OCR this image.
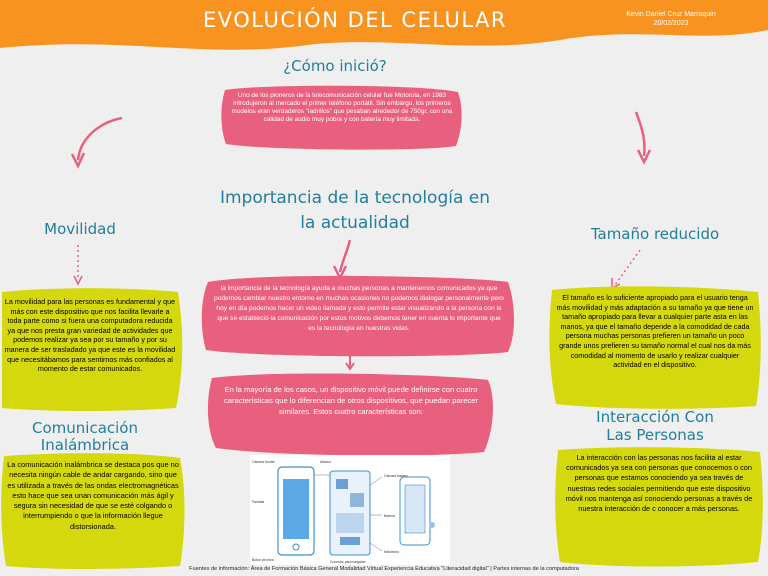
EVOLUCIÓN DEL CELULAR	Kevin Daniel Cruz Marroquin
20/02/2023
¿Cómo inició?
Uno de los pioneros de la telecomunicación celular fue Motorola, en 1983 introdujeron al mercado el primer teléfono portátil. Sin embargo, los primeros modelos eran verdaderos "ladrillos" que pesaban alrededor de 750gr, con una calidad de audio muy pobre y con batería muy limitada.
Importancia de la tecnología en
la actualidad
la importancia de la tecnología ayuda a muchas personas a mantenernos comunicados ya que podemos cambiar nuestro entorno en muchas ocasiones no podemos dialogar personalmente pero hoy en día podemos hacer un video llamada y esto permite estar visualizando a la persona con la que se estableció la comunicación por estos motivos debemos tener en cuenta lo importante que es la tecnología en nuestras vidas.
En la mayoría de los casos, un dispositivo móvil puede definirse con cuatro características que lo diferencian de otros dispositivos, que puedan parecer similares. Estos cuatro características son:
Movilidad
La movilidad para las personas es fundamental y que más con este dispositivo que nos facilita llevarle a toda parte como si fuera una computadora reducida ya que nos presta gran variedad de actividades que podemos realizar ya sea por su tamaño y por su manera de ser trasladado ya que este es la movilidad que necesitábamos para sentirnos más confiados al momento de estar comunicados.
Tamaño reducido
El tamaño es lo suficiente apropiado para el usuario tenga más movilidad y más adaptación a su tamaño ya que tiene un tamaño apropiado para llevar a cualquier parte asta en las manos, ya que el tamaño depende a la comodidad de cada persona muchas personas prefieren un tamaño un poco grande unos prefieren su tamaño normal el cual nos da más comodidad al momento de usarlo y realizar cualquier actividad en el dispositivo.
Comunicación
Inalámbrica
La comunicación inalámbrica se destaca pos que no necesita ningún cable de andar cargando, sino que es utilizada a través de las ondas electromagnéticas esto hace que sea unan comunicación más ágil y segura sin necesidad de que se esté colgando o interrumpiendo o que la información llegue distorsionada.
Interacción Con
Las Personas
La interacción con las personas nos facilita al estar comunicados ya sea con personas que conocemos o con personas que estamos conociendo ya sea través de nuestras redes sociales permitiendo que este dispositivo móvil nos mantenga así conociendo personas a través de nuestra interacción de c conocer a más personas.
Cámara frontal	Altavoz
Pantalla
Botón de inicio
Cámara trasera
Batería
Micrófono
Conector para cargador
Fuentes de información: Área de Formación Básica General Modalidad Virtual Experiencia Educativa "Literacidad digital" | Partes internas de la computadora
